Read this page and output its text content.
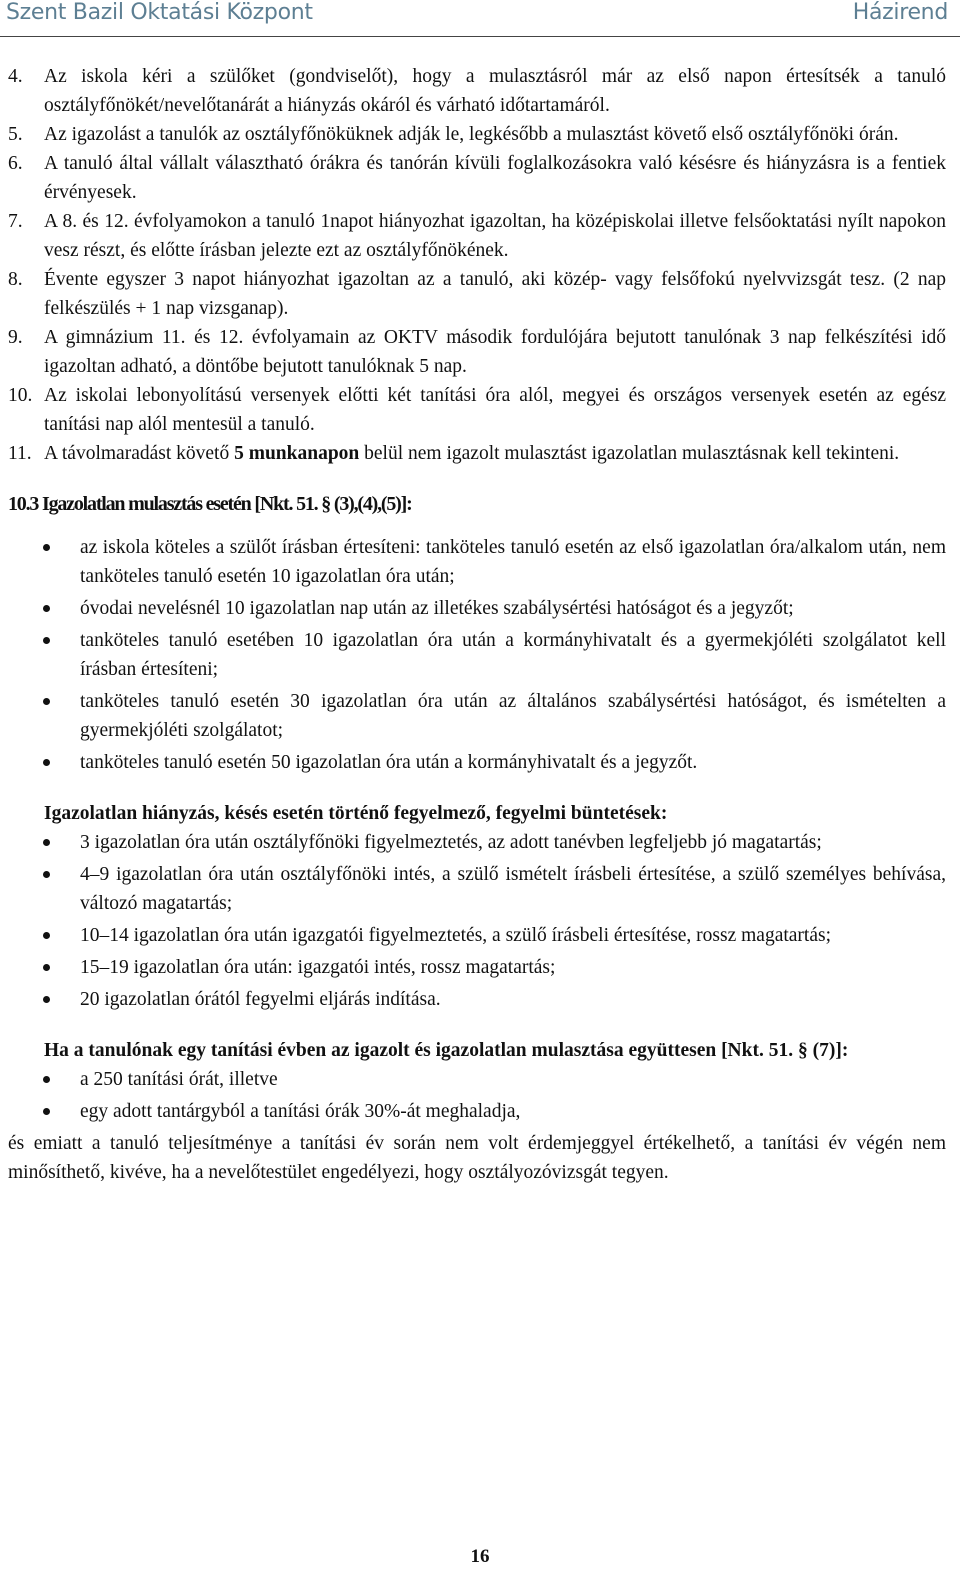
Szent Bazil Oktatási Központ	Házirend
4. Az iskola kéri a szülőket (gondviselőt), hogy a mulasztásról már az első napon értesítsék a tanuló osztályfőnökét/nevelőtanárát a hiányzás okáról és várható időtartamáról.
5. Az igazolást a tanulók az osztályfőnöküknek adják le, legkésőbb a mulasztást követő első osztályfőnöki órán.
6. A tanuló által vállalt választható órákra és tanórán kívüli foglalkozásokra való késésre és hiányzásra is a fentiek érvényesek.
7. A 8. és 12. évfolyamokon a tanuló 1napot hiányozhat igazoltan, ha középiskolai illetve felsőoktatási nyílt napokon vesz részt, és előtte írásban jelezte ezt az osztályfőnökének.
8. Évente egyszer 3 napot hiányozhat igazoltan az a tanuló, aki közép- vagy felsőfokú nyelvvizsgát tesz. (2 nap felkészülés + 1 nap vizsganap).
9. A gimnázium 11. és 12. évfolyamain az OKTV második fordulójára bejutott tanulónak 3 nap felkészítési idő igazoltan adható, a döntőbe bejutott tanulóknak 5 nap.
10. Az iskolai lebonyolítású versenyek előtti két tanítási óra alól, megyei és országos versenyek esetén az egész tanítási nap alól mentesül a tanuló.
11. A távolmaradást követő 5 munkanapon belül nem igazolt mulasztást igazolatlan mulasztásnak kell tekinteni.
10.3 Igazolatlan mulasztás esetén [Nkt. 51. § (3),(4),(5)]:
az iskola köteles a szülőt írásban értesíteni: tanköteles tanuló esetén az első igazolatlan óra/alkalom után, nem tanköteles tanuló esetén 10 igazolatlan óra után;
óvodai nevelésnél 10 igazolatlan nap után az illetékes szabálysértési hatóságot és a jegyzőt;
tanköteles tanuló esetében 10 igazolatlan óra után a kormányhivatalt és a gyermekjóléti szolgálatot kell írásban értesíteni;
tanköteles tanuló esetén 30 igazolatlan óra után az általános szabálysértési hatóságot, és ismételten a gyermekjóléti szolgálatot;
tanköteles tanuló esetén 50 igazolatlan óra után a kormányhivatalt és a jegyzőt.
Igazolatlan hiányzás, késés esetén történő fegyelmező, fegyelmi büntetések:
3 igazolatlan óra után osztályfőnöki figyelmeztetés, az adott tanévben legfeljebb jó magatartás;
4–9 igazolatlan óra után osztályfőnöki intés, a szülő ismételt írásbeli értesítése, a szülő személyes behívása, változó magatartás;
10–14 igazolatlan óra után igazgatói figyelmeztetés, a szülő írásbeli értesítése, rossz magatartás;
15–19 igazolatlan óra után: igazgatói intés, rossz magatartás;
20 igazolatlan órától fegyelmi eljárás indítása.
Ha a tanulónak egy tanítási évben az igazolt és igazolatlan mulasztása együttesen [Nkt. 51. § (7)]:
a 250 tanítási órát, illetve
egy adott tantárgyból a tanítási órák 30%-át meghaladja,

és emiatt a tanuló teljesítménye a tanítási év során nem volt érdemjeggyel értékelhető, a tanítási év végén nem minősíthető, kivéve, ha a nevelőtestület engedélyezi, hogy osztályozóvizsgát tegyen.

16
